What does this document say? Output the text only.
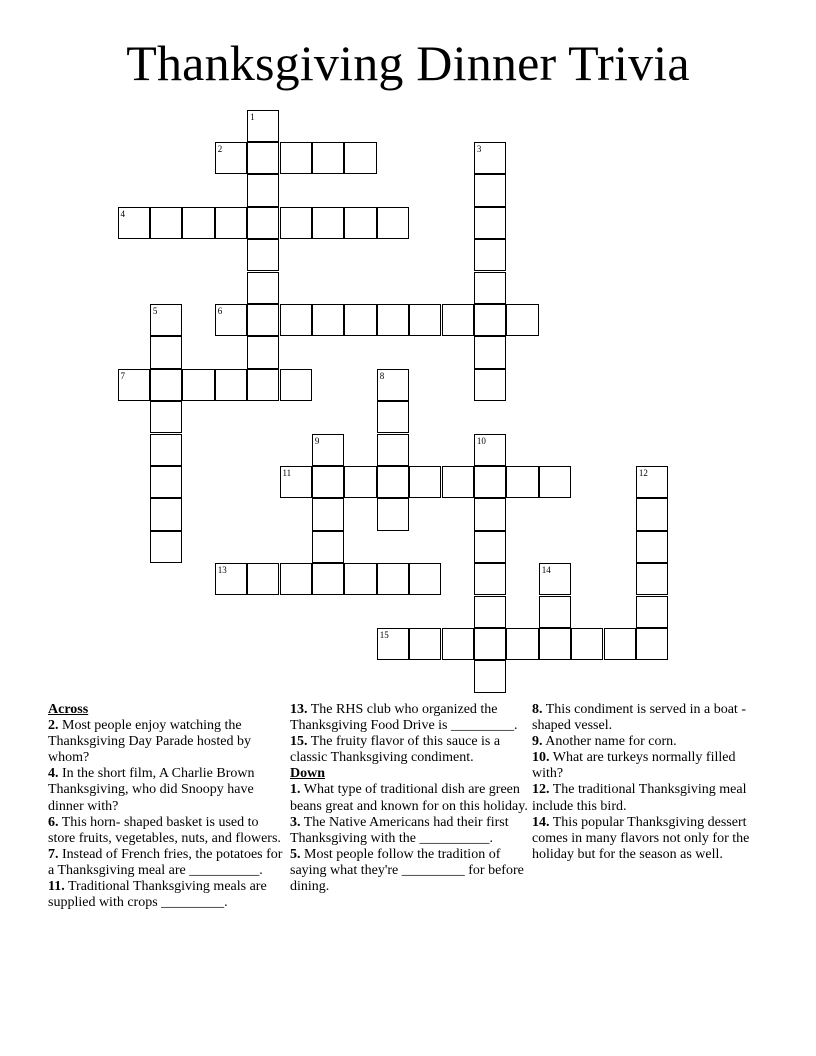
Thanksgiving Dinner Trivia
1
2	3
4
5	6
7	8
9	10
11	12
13	14
15
Across

2. Most people enjoy watching the Thanksgiving Day Parade hosted by whom?

4. In the short film, A Charlie Brown Thanksgiving, who did Snoopy have dinner with?

6. This horn- shaped basket is used to store fruits, vegetables, nuts, and flowers.

7. Instead of French fries, the potatoes for a Thanksgiving meal are __________.

11. Traditional Thanksgiving meals are supplied with crops _________.

13. The RHS club who organized the Thanksgiving Food Drive is _________.

15. The fruity flavor of this sauce is a classic Thanksgiving condiment.

Down

1. What type of traditional dish are green beans great and known for on this holiday.

3. The Native Americans had their first Thanksgiving with the __________.

5. Most people follow the tradition of saying what they're _________ for before dining.

8. This condiment is served in a boat - shaped vessel.

9. Another name for corn.

10. What are turkeys normally filled with?

12. The traditional Thanksgiving meal include this bird.

14. This popular Thanksgiving dessert comes in many flavors not only for the holiday but for the season as well.
